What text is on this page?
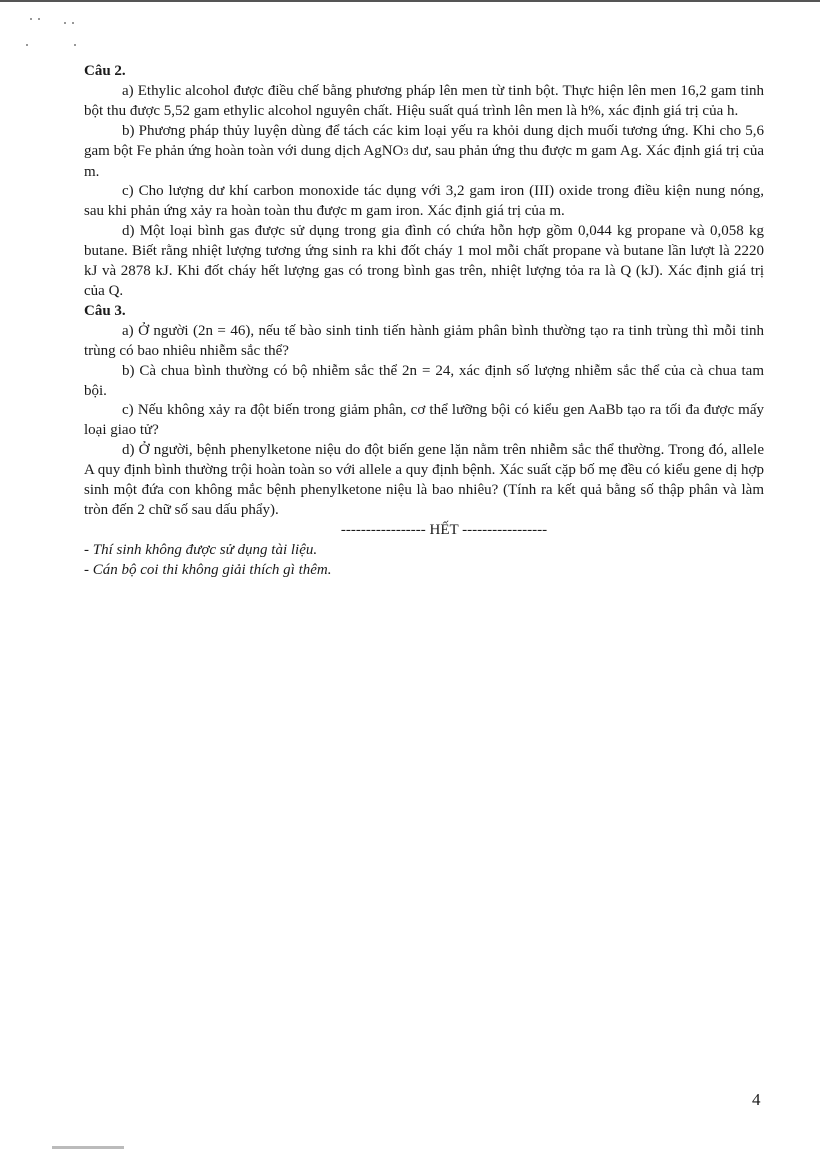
Câu 2.

a) Ethylic alcohol được điều chế bằng phương pháp lên men từ tinh bột. Thực hiện lên men 16,2 gam tinh bột thu được 5,52 gam ethylic alcohol nguyên chất. Hiệu suất quá trình lên men là h%, xác định giá trị của h.

b) Phương pháp thủy luyện dùng để tách các kim loại yếu ra khỏi dung dịch muối tương ứng. Khi cho 5,6 gam bột Fe phản ứng hoàn toàn với dung dịch AgNO3 dư, sau phản ứng thu được m gam Ag. Xác định giá trị của m.

c) Cho lượng dư khí carbon monoxide tác dụng với 3,2 gam iron (III) oxide trong điều kiện nung nóng, sau khi phản ứng xảy ra hoàn toàn thu được m gam iron. Xác định giá trị của m.

d) Một loại bình gas được sử dụng trong gia đình có chứa hỗn hợp gồm 0,044 kg propane và 0,058 kg butane. Biết rằng nhiệt lượng tương ứng sinh ra khi đốt cháy 1 mol mỗi chất propane và butane lần lượt là 2220 kJ và 2878 kJ. Khi đốt cháy hết lượng gas có trong bình gas trên, nhiệt lượng tỏa ra là Q (kJ). Xác định giá trị của Q.

Câu 3.

a) Ở người (2n = 46), nếu tế bào sinh tinh tiến hành giảm phân bình thường tạo ra tinh trùng thì mỗi tinh trùng có bao nhiêu nhiễm sắc thể?

b) Cà chua bình thường có bộ nhiễm sắc thể 2n = 24, xác định số lượng nhiễm sắc thể của cà chua tam bội.

c) Nếu không xảy ra đột biến trong giảm phân, cơ thể lưỡng bội có kiểu gen AaBb tạo ra tối đa được mấy loại giao tử?

d) Ở người, bệnh phenylketone niệu do đột biến gene lặn nằm trên nhiễm sắc thể thường. Trong đó, allele A quy định bình thường trội hoàn toàn so với allele a quy định bệnh. Xác suất cặp bố mẹ đều có kiểu gene dị hợp sinh một đứa con không mắc bệnh phenylketone niệu là bao nhiêu? (Tính ra kết quả bằng số thập phân và làm tròn đến 2 chữ số sau dấu phẩy).

----------------- HẾT -----------------

- Thí sinh không được sử dụng tài liệu.

- Cán bộ coi thi không giải thích gì thêm.

4
